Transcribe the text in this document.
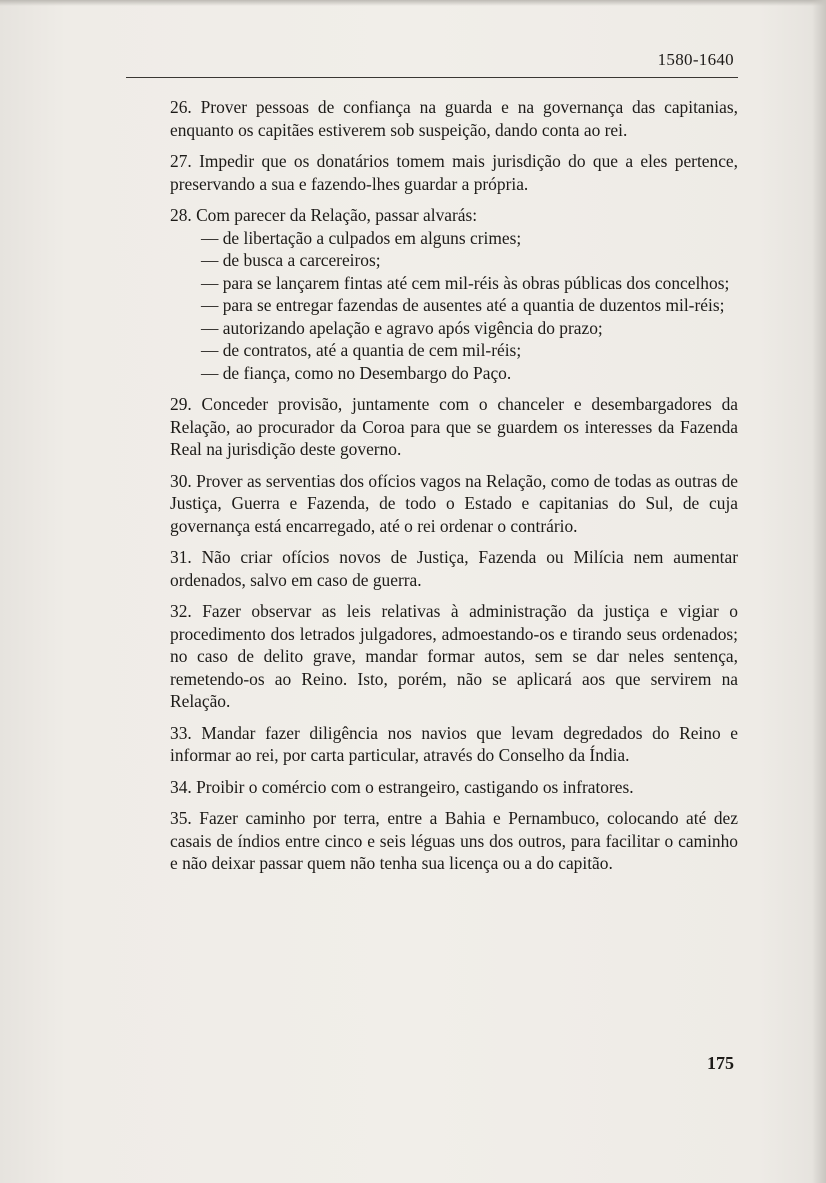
1580-1640

26. Prover pessoas de confiança na guarda e na governança das capitanias, enquanto os capitães estiverem sob suspeição, dando conta ao rei.

27. Impedir que os donatários tomem mais jurisdição do que a eles pertence, preservando a sua e fazendo-lhes guardar a própria.

28. Com parecer da Relação, passar alvarás:

— de libertação a culpados em alguns crimes;

— de busca a carcereiros;

— para se lançarem fintas até cem mil-réis às obras públicas dos concelhos;

— para se entregar fazendas de ausentes até a quantia de duzentos mil-réis;

— autorizando apelação e agravo após vigência do prazo;

— de contratos, até a quantia de cem mil-réis;

— de fiança, como no Desembargo do Paço.

29. Conceder provisão, juntamente com o chanceler e desembargadores da Relação, ao procurador da Coroa para que se guardem os interesses da Fazenda Real na jurisdição deste governo.

30. Prover as serventias dos ofícios vagos na Relação, como de todas as outras de Justiça, Guerra e Fazenda, de todo o Estado e capitanias do Sul, de cuja governança está encarregado, até o rei ordenar o contrário.

31. Não criar ofícios novos de Justiça, Fazenda ou Milícia nem aumentar ordenados, salvo em caso de guerra.

32. Fazer observar as leis relativas à administração da justiça e vigiar o procedimento dos letrados julgadores, admoestando-os e tirando seus ordenados; no caso de delito grave, mandar formar autos, sem se dar neles sentença, remetendo-os ao Reino. Isto, porém, não se aplicará aos que servirem na Relação.

33. Mandar fazer diligência nos navios que levam degredados do Reino e informar ao rei, por carta particular, através do Conselho da Índia.

34. Proibir o comércio com o estrangeiro, castigando os infratores.

35. Fazer caminho por terra, entre a Bahia e Pernambuco, colocando até dez casais de índios entre cinco e seis léguas uns dos outros, para facilitar o caminho e não deixar passar quem não tenha sua licença ou a do capitão.

175
